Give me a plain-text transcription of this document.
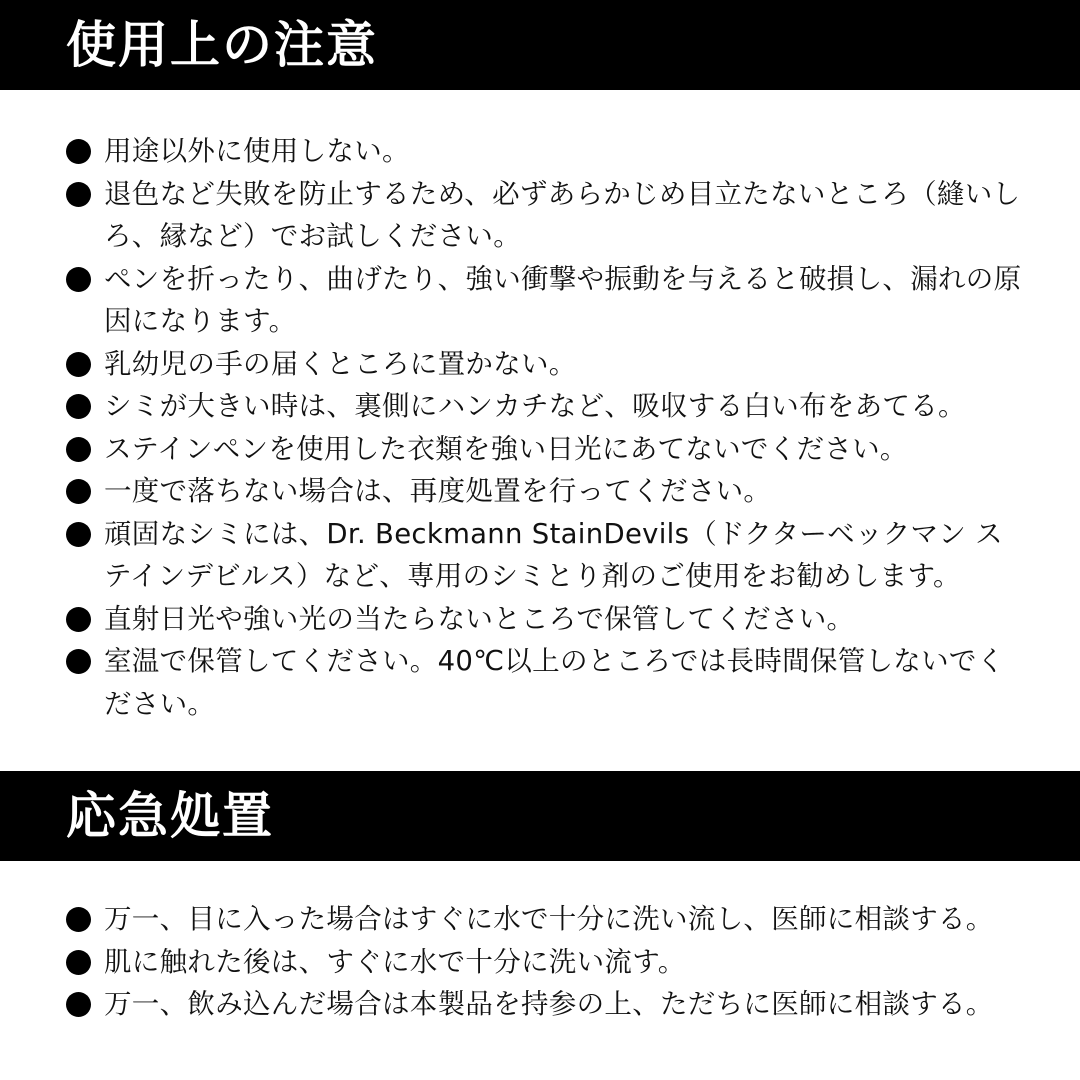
使用上の注意
用途以外に使用しない。
退色など失敗を防止するため、必ずあらかじめ目立たないところ（縫いしろ、縁など）でお試しください。
ペンを折ったり、曲げたり、強い衝撃や振動を与えると破損し、漏れの原因になります。
乳幼児の手の届くところに置かない。
シミが大きい時は、裏側にハンカチなど、吸収する白い布をあてる。
ステインペンを使用した衣類を強い日光にあてないでください。
一度で落ちない場合は、再度処置を行ってください。
頑固なシミには、Dr. Beckmann StainDevils（ドクターベックマン ステインデビルス）など、専用のシミとり剤のご使用をお勧めします。
直射日光や強い光の当たらないところで保管してください。
室温で保管してください。40℃以上のところでは長時間保管しないでください。
応急処置
万一、目に入った場合はすぐに水で十分に洗い流し、医師に相談する。
肌に触れた後は、すぐに水で十分に洗い流す。
万一、飲み込んだ場合は本製品を持参の上、ただちに医師に相談する。
